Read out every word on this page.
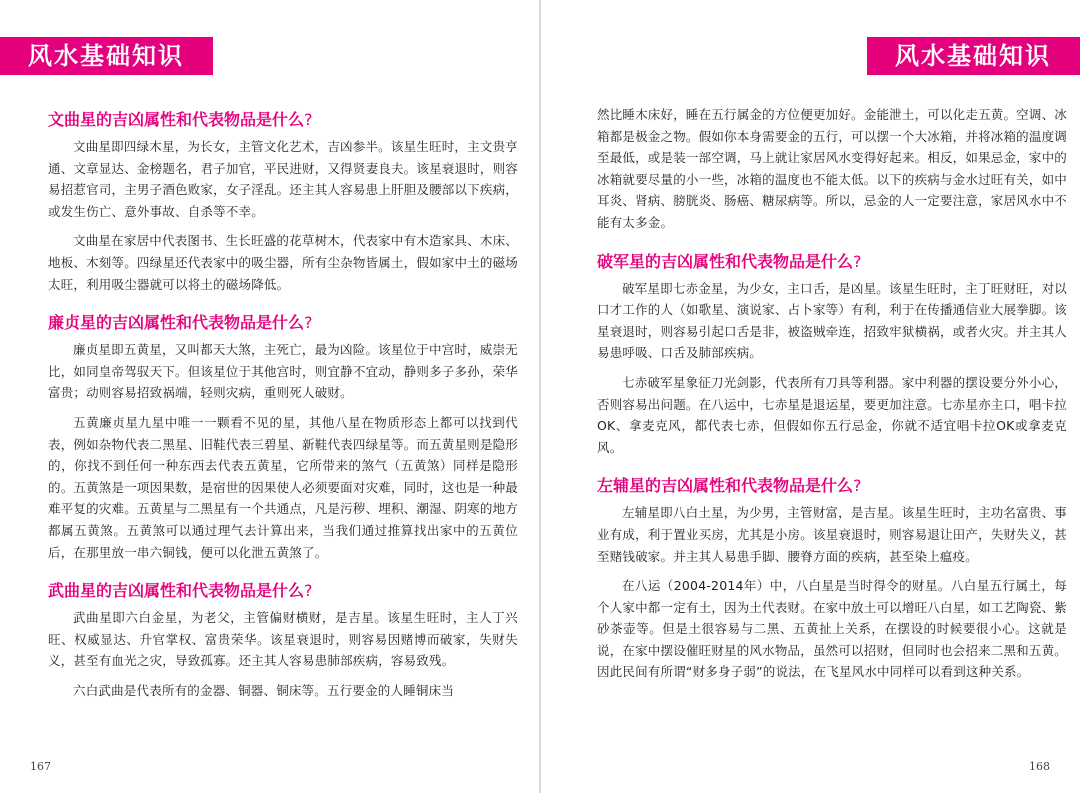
风水基础知识
文曲星的吉凶属性和代表物品是什么?

文曲星即四绿木星，为长女，主管文化艺术，吉凶参半。该星生旺时，主文贵亨通、文章显达、金榜题名，君子加官，平民进财，又得贤妻良夫。该星衰退时，则容易招惹官司，主男子酒色败家，女子淫乱。还主其人容易患上肝胆及腰部以下疾病，或发生伤亡、意外事故、自杀等不幸。

文曲星在家居中代表图书、生长旺盛的花草树木，代表家中有木造家具、木床、地板、木刻等。四绿星还代表家中的吸尘器，所有尘杂物皆属土，假如家中土的磁场太旺，利用吸尘器就可以将土的磁场降低。

廉贞星的吉凶属性和代表物品是什么?

廉贞星即五黄星，又叫都天大煞，主死亡，最为凶险。该星位于中宫时，威崇无比，如同皇帝驾驭天下。但该星位于其他宫时，则宜静不宜动，静则多子多孙，荣华富贵；动则容易招致祸端，轻则灾病，重则死人破财。

五黄廉贞星九星中唯一一颗看不见的星，其他八星在物质形态上都可以找到代表，例如杂物代表二黑星、旧鞋代表三碧星、新鞋代表四绿星等。而五黄星则是隐形的，你找不到任何一种东西去代表五黄星，它所带来的煞气（五黄煞）同样是隐形的。五黄煞是一项因果数，是宿世的因果使人必须要面对灾难，同时，这也是一种最难平复的灾难。五黄星与二黑星有一个共通点，凡是污秽、埋积、潮湿、阴寒的地方都属五黄煞。五黄煞可以通过理气去计算出来，当我们通过推算找出家中的五黄位后，在那里放一串六铜钱，便可以化泄五黄煞了。

武曲星的吉凶属性和代表物品是什么?

武曲星即六白金星，为老父，主管偏财横财，是吉星。该星生旺时，主人丁兴旺、权威显达、升官掌权、富贵荣华。该星衰退时，则容易因赌博而破家，失财失义，甚至有血光之灾，导致孤寡。还主其人容易患肺部疾病，容易致残。

六白武曲是代表所有的金器、铜器、铜床等。五行要金的人睡铜床当

167
风水基础知识

然比睡木床好，睡在五行属金的方位便更加好。金能泄土，可以化走五黄。空调、冰箱都是极金之物。假如你本身需要金的五行，可以摆一个大冰箱，并将冰箱的温度调至最低，或是装一部空调，马上就让家居风水变得好起来。相反，如果忌金，家中的冰箱就要尽量的小一些，冰箱的温度也不能太低。以下的疾病与金水过旺有关，如中耳炎、肾病、膀胱炎、肠癌、糖尿病等。所以，忌金的人一定要注意，家居风水中不能有太多金。

破军星的吉凶属性和代表物品是什么?

破军星即七赤金星，为少女，主口舌，是凶星。该星生旺时，主丁旺财旺，对以口才工作的人（如歌星、演说家、占卜家等）有利，利于在传播通信业大展拳脚。该星衰退时，则容易引起口舌是非，被盗贼牵连，招致牢狱横祸，或者火灾。并主其人易患呼吸、口舌及肺部疾病。

七赤破军星象征刀光剑影，代表所有刀具等利器。家中利器的摆设要分外小心，否则容易出问题。在八运中，七赤星是退运星，要更加注意。七赤星亦主口，唱卡拉OK、拿麦克风，都代表七赤，但假如你五行忌金，你就不适宜唱卡拉OK或拿麦克风。

左辅星的吉凶属性和代表物品是什么?

左辅星即八白土星，为少男，主管财富，是吉星。该星生旺时，主功名富贵、事业有成，利于置业买房，尤其是小房。该星衰退时，则容易退让田产，失财失义，甚至赌钱破家。并主其人易患手脚、腰脊方面的疾病，甚至染上瘟疫。

在八运（2004-2014年）中，八白星是当时得令的财星。八白星五行属土，每个人家中都一定有土，因为土代表财。在家中放土可以增旺八白星，如工艺陶瓷、紫砂茶壶等。但是土很容易与二黑、五黄扯上关系，在摆设的时候要很小心。这就是说，在家中摆设催旺财星的风水物品，虽然可以招财，但同时也会招来二黑和五黄。因此民间有所谓“财多身子弱”的说法，在飞星风水中同样可以看到这种关系。

168
